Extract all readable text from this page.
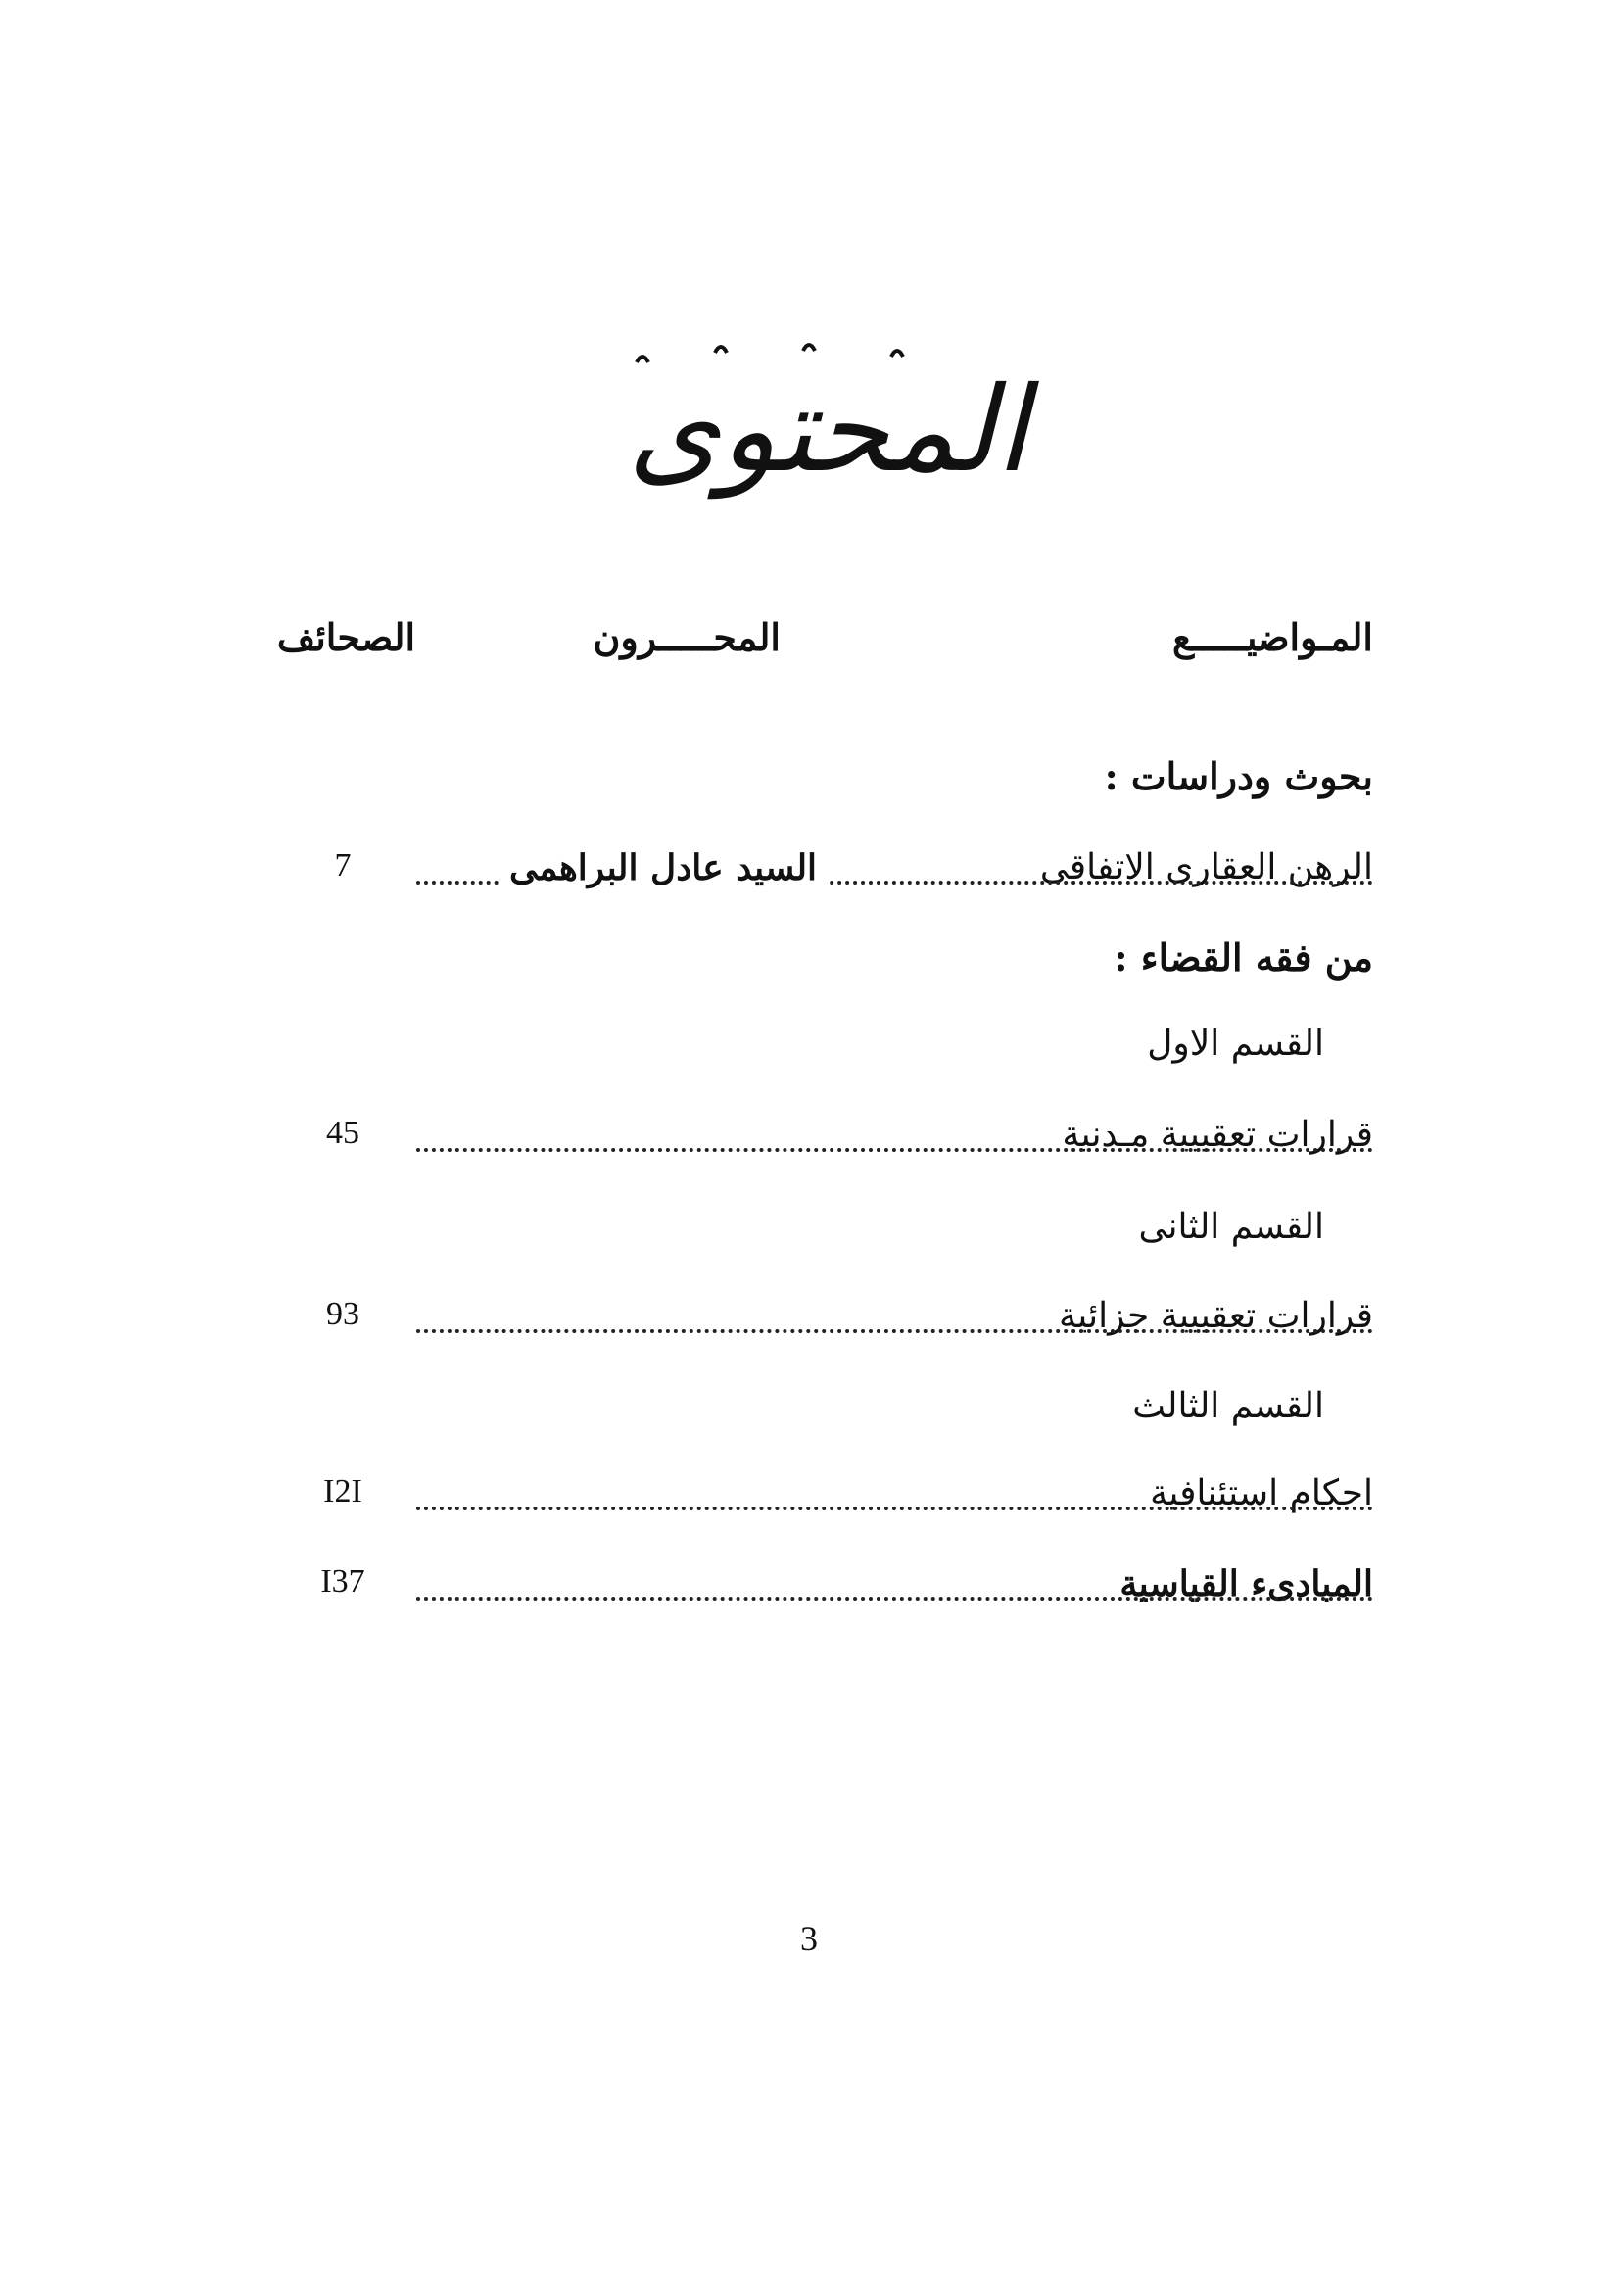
المحتوى
المـواضيـــــع
المحـــــرون
الصحائف
بحوث ودراسات :
الرهن العقارى الاتفاقى
السيد عادل البراهمى
7
من فقه القضاء :
القسم الاول
قرارات تعقيبية مـدنية
45
القسم الثانى
قرارات تعقيبية جزائية
93
القسم الثالث
احكام استئنافية
I2I
المبادىء القياسية
I37
3
